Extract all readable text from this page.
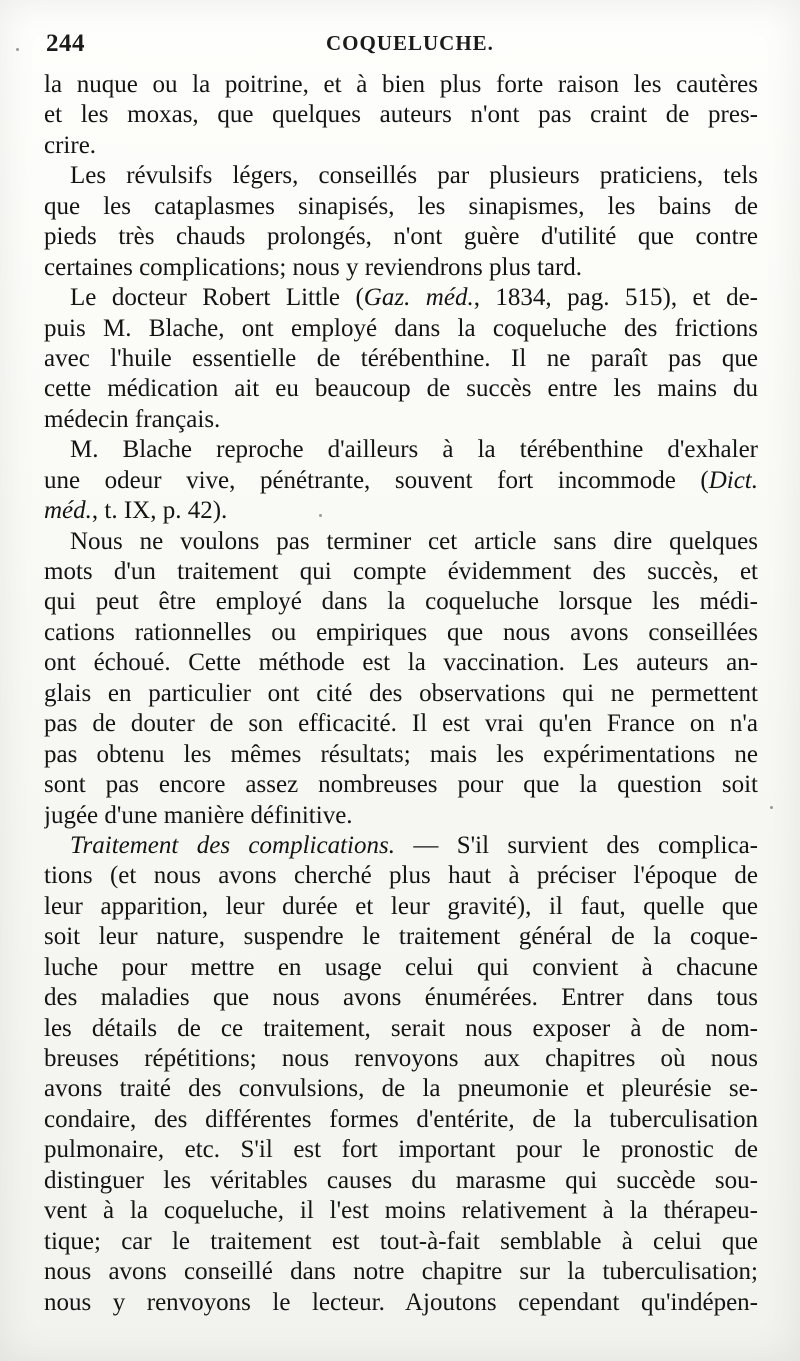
244	COQUELUCHE.
la nuque ou la poitrine, et à bien plus forte raison les cautères
et les moxas, que quelques auteurs n'ont pas craint de pres-
crire.
Les révulsifs légers, conseillés par plusieurs praticiens, tels
que les cataplasmes sinapisés, les sinapismes, les bains de
pieds très chauds prolongés, n'ont guère d'utilité que contre
certaines complications; nous y reviendrons plus tard.
Le docteur Robert Little (Gaz. méd., 1834, pag. 515), et de-
puis M. Blache, ont employé dans la coqueluche des frictions
avec l'huile essentielle de térébenthine. Il ne paraît pas que
cette médication ait eu beaucoup de succès entre les mains du
médecin français.
M. Blache reproche d'ailleurs à la térébenthine d'exhaler
une odeur vive, pénétrante, souvent fort incommode (Dict.
méd., t. IX, p. 42).
Nous ne voulons pas terminer cet article sans dire quelques
mots d'un traitement qui compte évidemment des succès, et
qui peut être employé dans la coqueluche lorsque les médi-
cations rationnelles ou empiriques que nous avons conseillées
ont échoué. Cette méthode est la vaccination. Les auteurs an-
glais en particulier ont cité des observations qui ne permettent
pas de douter de son efficacité. Il est vrai qu'en France on n'a
pas obtenu les mêmes résultats; mais les expérimentations ne
sont pas encore assez nombreuses pour que la question soit
jugée d'une manière définitive.
Traitement des complications. — S'il survient des complica-
tions (et nous avons cherché plus haut à préciser l'époque de
leur apparition, leur durée et leur gravité), il faut, quelle que
soit leur nature, suspendre le traitement général de la coque-
luche pour mettre en usage celui qui convient à chacune
des maladies que nous avons énumérées. Entrer dans tous
les détails de ce traitement, serait nous exposer à de nom-
breuses répétitions; nous renvoyons aux chapitres où nous
avons traité des convulsions, de la pneumonie et pleurésie se-
condaire, des différentes formes d'entérite, de la tuberculisation
pulmonaire, etc. S'il est fort important pour le pronostic de
distinguer les véritables causes du marasme qui succède sou-
vent à la coqueluche, il l'est moins relativement à la thérapeu-
tique; car le traitement est tout-à-fait semblable à celui que
nous avons conseillé dans notre chapitre sur la tuberculisation;
nous y renvoyons le lecteur. Ajoutons cependant qu'indépen-
